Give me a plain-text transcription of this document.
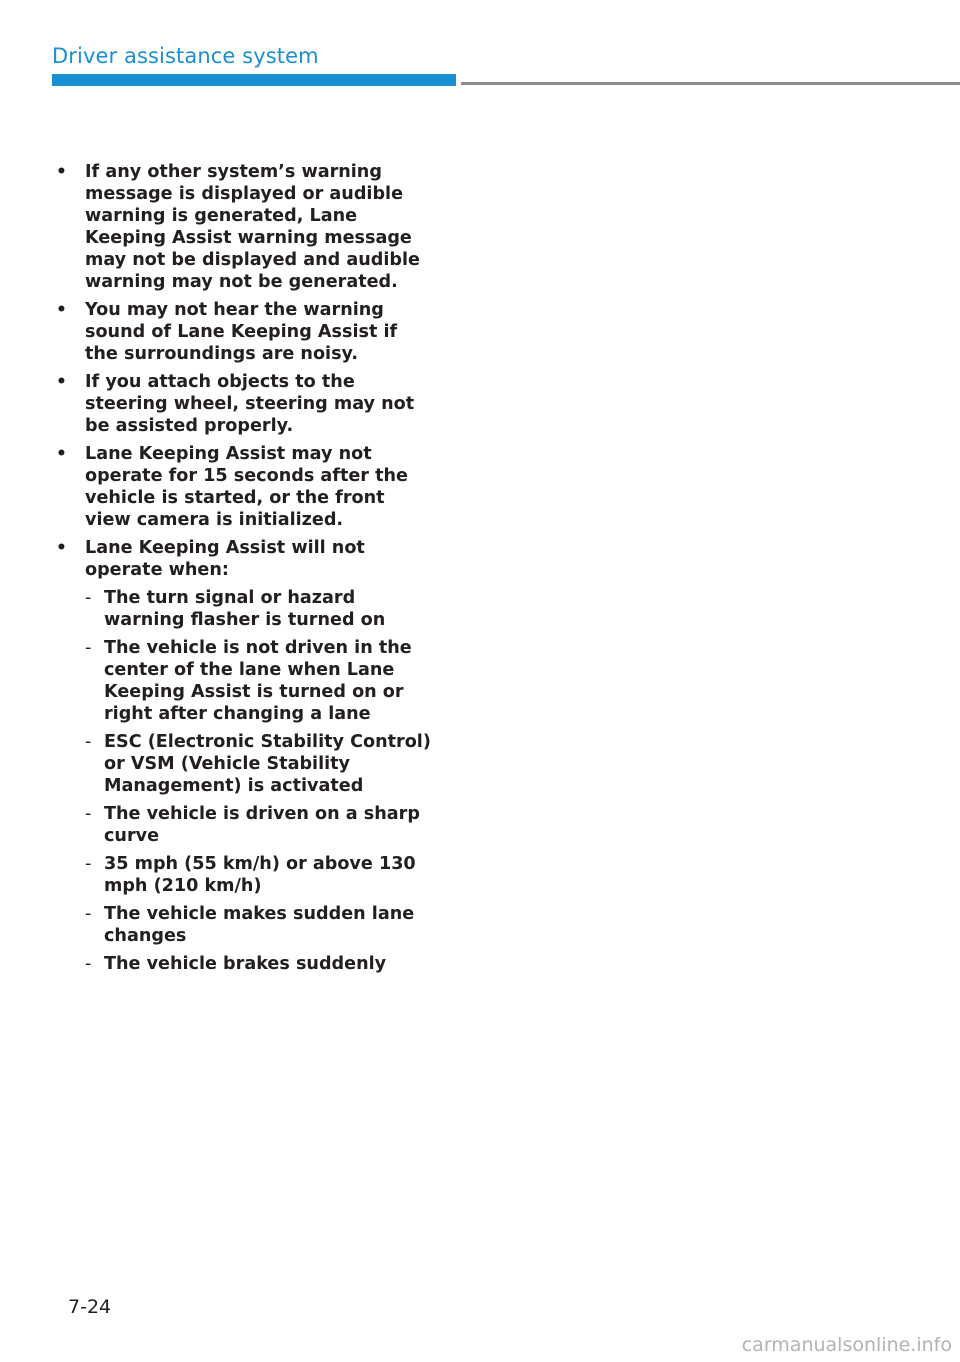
Driver assistance system
• If any other system’s warning message is displayed or audible warning is generated, Lane Keeping Assist warning message may not be displayed and audible warning may not be generated.
• You may not hear the warning sound of Lane Keeping Assist if the surroundings are noisy.
• If you attach objects to the steering wheel, steering may not be assisted properly.
• Lane Keeping Assist may not operate for 15 seconds after the vehicle is started, or the front view camera is initialized.
• Lane Keeping Assist will not operate when:
- The turn signal or hazard warning flasher is turned on
- The vehicle is not driven in the center of the lane when Lane Keeping Assist is turned on or right after changing a lane
- ESC (Electronic Stability Control) or VSM (Vehicle Stability Management) is activated
- The vehicle is driven on a sharp curve
- 35 mph (55 km/h) or above 130 mph (210 km/h)
- The vehicle makes sudden lane changes
- The vehicle brakes suddenly
7-24
carmanualsonline.info
